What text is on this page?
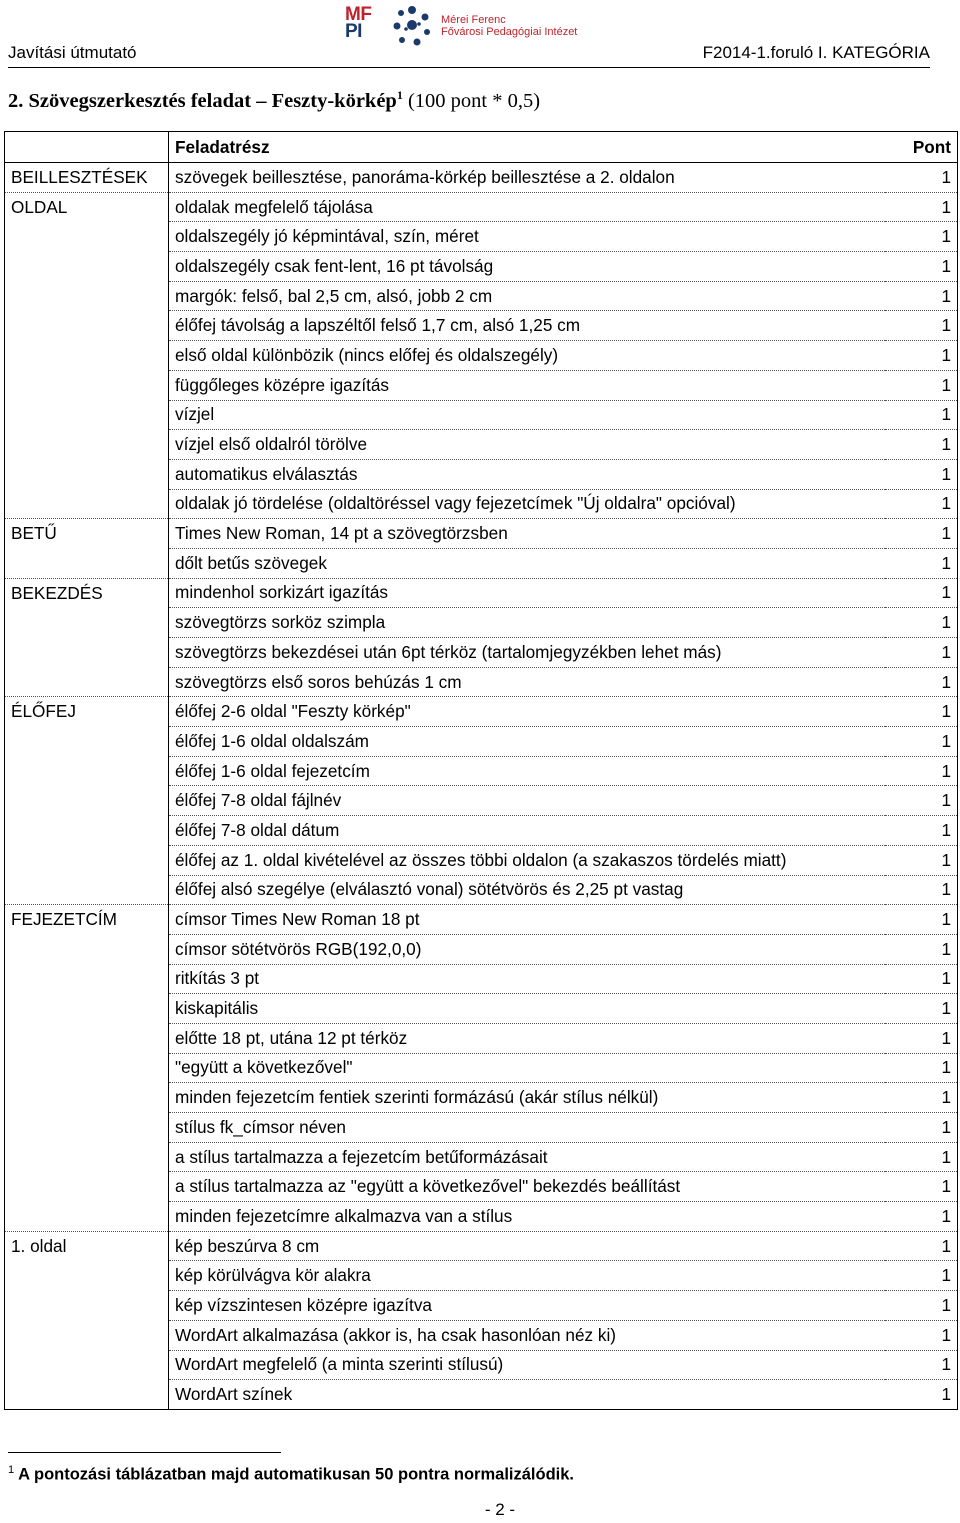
Javítási útmutató
MF
PI
Mérei Ferenc
Fővárosi Pedagógiai Intézet
F2014-1.foruló I. KATEGÓRIA
2. Szövegszerkesztés feladat – Feszty-körkép$^1$ (100 pont * 0,5)
	Feladatrész	Pont
BEILLESZTÉSEK	szövegek beillesztése, panoráma-körkép beillesztése a 2. oldalon	1
OLDAL	oldalak megfelelő tájolása	1
	oldalszegély jó képmintával, szín, méret	1
	oldalszegély csak fent-lent, 16 pt távolság	1
	margók: felső, bal 2,5 cm, alsó, jobb 2 cm	1
	élőfej távolság a lapszéltől felső 1,7 cm, alsó 1,25 cm	1
	első oldal különbözik (nincs előfej és oldalszegély)	1
	függőleges középre igazítás	1
	vízjel	1
	vízjel első oldalról törölve	1
	automatikus elválasztás	1
	oldalak jó tördelése (oldaltöréssel vagy fejezetcímek "Új oldalra" opcióval)	1
BETŰ	Times New Roman, 14 pt a szövegtörzsben	1
	dőlt betűs szövegek	1
BEKEZDÉS	mindenhol sorkizárt igazítás	1
	szövegtörzs sorköz szimpla	1
	szövegtörzs bekezdései után 6pt térköz (tartalomjegyzékben lehet más)	1
	szövegtörzs első soros behúzás 1 cm	1
ÉLŐFEJ	élőfej 2-6 oldal "Feszty körkép"	1
	élőfej 1-6 oldal oldalszám	1
	élőfej 1-6 oldal fejezetcím	1
	élőfej 7-8 oldal fájlnév	1
	élőfej 7-8 oldal dátum	1
	élőfej az 1. oldal kivételével az összes többi oldalon (a szakaszos tördelés miatt)	1
	élőfej alsó szegélye (elválasztó vonal) sötétvörös és 2,25 pt vastag	1
FEJEZETCÍM	címsor Times New Roman 18 pt	1
	címsor sötétvörös RGB(192,0,0)	1
	ritkítás 3 pt	1
	kiskapitális	1
	előtte 18 pt, utána 12 pt térköz	1
	"együtt a következővel"	1
	minden fejezetcím fentiek szerinti formázású (akár stílus nélkül)	1
	stílus fk_címsor néven	1
	a stílus tartalmazza a fejezetcím betűformázásait	1
	a stílus tartalmazza az "együtt a következővel" bekezdés beállítást	1
	minden fejezetcímre alkalmazva van a stílus	1
1. oldal	kép beszúrva 8 cm	1
	kép körülvágva kör alakra	1
	kép vízszintesen középre igazítva	1
	WordArt alkalmazása (akkor is, ha csak hasonlóan néz ki)	1
	WordArt megfelelő (a minta szerinti stílusú)	1
	WordArt színek	1
$^1$ A pontozási táblázatban majd automatikusan 50 pontra normalizálódik.
- 2 -
